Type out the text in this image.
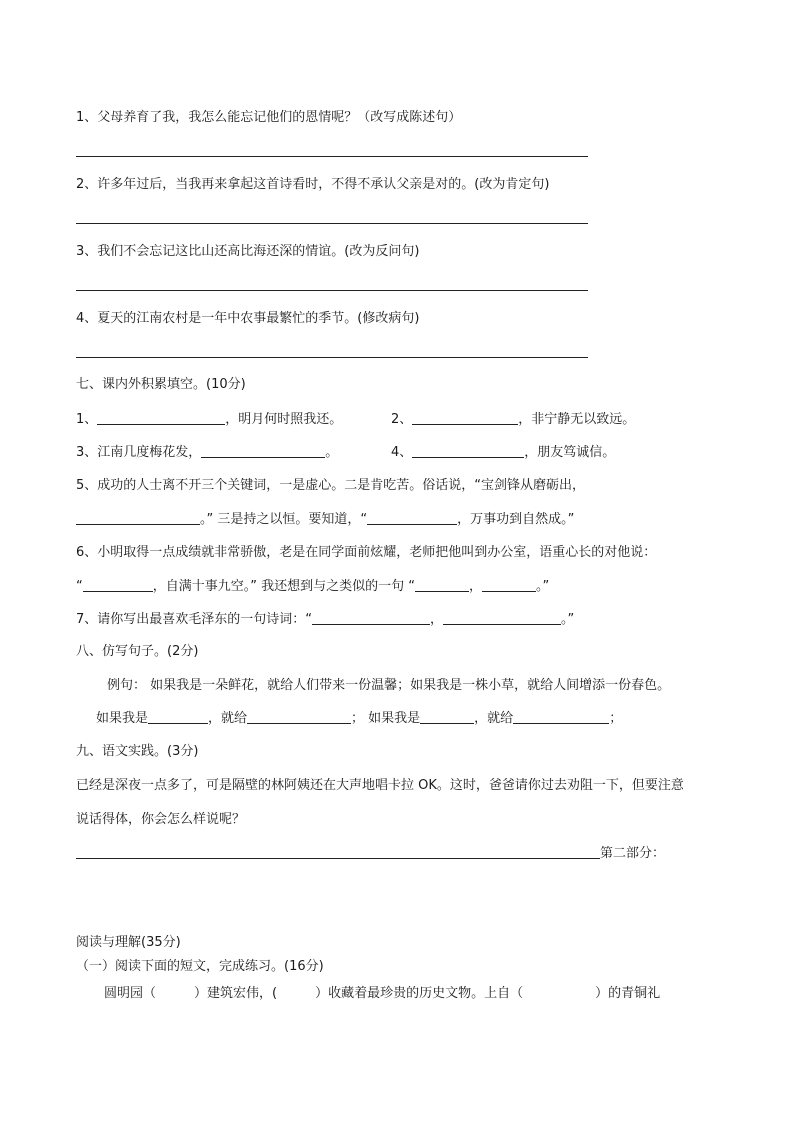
1、父母养育了我，我怎么能忘记他们的恩情呢？（改写成陈述句）
2、许多年过后，当我再来拿起这首诗看时，不得不承认父亲是对的。(改为肯定句)
3、我们不会忘记这比山还高比海还深的情谊。(改为反问句)
4、夏天的江南农村是一年中农事最繁忙的季节。(修改病句)
七、课内外积累填空。(10分)
1、	，明月何时照我还。	2、	，非宁静无以致远。
3、江南几度梅花发，	。	4、	，朋友笃诚信。
5、成功的人士离不开三个关键词，一是虚心。二是肯吃苦。俗话说，“宝剑锋从磨砺出，
。” 三是持之以恒。要知道，“	，万事功到自然成。”
6、小明取得一点成绩就非常骄傲，老是在同学面前炫耀，老师把他叫到办公室，语重心长的对他说：
“	，自满十事九空。” 我还想到与之类似的一句 “	，	。”
7、请你写出最喜欢毛泽东的一句诗词：“	，	。”
八、仿写句子。(2分)
例句： 如果我是一朵鲜花，就给人们带来一份温馨；如果我是一株小草，就给人间增添一份春色。
如果我是	，就给	； 如果我是	，就给	；
九、语文实践。(3分)
已经是深夜一点多了，可是隔壁的林阿姨还在大声地唱卡拉 OK。这时，爸爸请你过去劝阻一下，但要注意
说话得体，你会怎么样说呢？
第二部分：
阅读与理解(35分)
（一）阅读下面的短文，完成练习。(16分)
圆明园（	）建筑宏伟，(	）收藏着最珍贵的历史文物。上自（	）的青铜礼
